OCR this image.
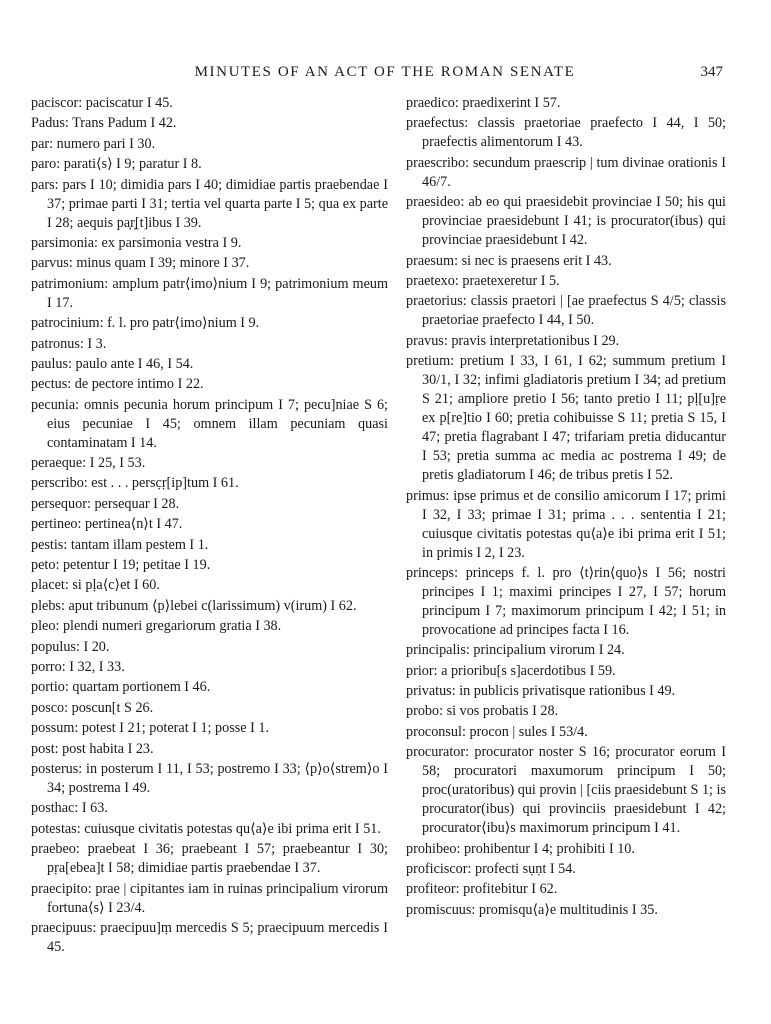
MINUTES OF AN ACT OF THE ROMAN SENATE	347
paciscor: paciscatur I 45.
Padus: Trans Padum I 42.
par: numero pari I 30.
paro: parati⟨s⟩ I 9; paratur I 8.
pars: pars I 10; dimidia pars I 40; dimidiae partis praebendae I 37; primae parti I 31; tertia vel quarta parte I 5; qua ex parte I 28; aequis pa̦r̦[t]ibus I 39.
parsimonia: ex parsimonia vestra I 9.
parvus: minus quam I 39; minore I 37.
patrimonium: amplum patr⟨imo⟩nium I 9; patrimonium meum I 17.
patrocinium: f. l. pro patr⟨imo⟩nium I 9.
patronus: I 3.
paulus: paulo ante I 46, I 54.
pectus: de pectore intimo I 22.
pecunia: omnis pecunia horum principum I 7; pecu]niae S 6; eius pecuniae I 45; omnem illam pecuniam quasi contaminatam I 14.
peraeque: I 25, I 53.
perscribo: est . . . persc̣ṛ[ip]tum I 61.
persequor: persequar I 28.
pertineo: pertinea⟨n⟩t I 47.
pestis: tantam illam pestem I 1.
peto: petentur I 19; petitae I 19.
placet: si pḷa⟨c⟩et I 60.
plebs: aput tribunum ⟨p⟩lebei c(larissimum) v(irum) I 62.
pleo: plendi numeri gregariorum gratia I 38.
populus: I 20.
porro: I 32, I 33.
portio: quartam portionem I 46.
posco: poscun[t S 26.
possum: potest I 21; poterat I 1; posse I 1.
post: post habita I 23.
posterus: in posterum I 11, I 53; postremo I 33; ⟨p⟩o⟨strem⟩o I 34; postrema I 49.
posthac: I 63.
potestas: cuiusque civitatis potestas qu⟨a⟩e ibi prima erit I 51.
praebeo: praebeat I 36; praebeant I 57; praebeantur I 30; pṛa[ebea]t I 58; dimidiae partis praebendae I 37.
praecipito: prae | cipitantes iam in ruinas principalium virorum fortuna⟨s⟩ I 23/4.
praecipuus: praecipuu]ṃ mercedis S 5; praecipuum mercedis I 45.
praedico: praedixerint I 57.
praefectus: classis praetoriae praefecto I 44, I 50; praefectis alimentorum I 43.
praescribo: secundum praescrip | tum divinae orationis I 46/7.
praesideo: ab eo qui praesidebit provinciae I 50; his qui provinciae praesidebunt I 41; is procurator(ibus) qui provinciae praesidebunt I 42.
praesum: si nec is praesens erit I 43.
praetexo: praetexeretur I 5.
praetorius: classis praetori | [ae praefectus S 4/5; classis praetoriae praefecto I 44, I 50.
pravus: pravis interpretationibus I 29.
pretium: pretium I 33, I 61, I 62; summum pretium I 30/1, I 32; infimi gladiatoris pretium I 34; ad pretium S 21; ampliore pretio I 56; tanto pretio I 11; pḷ[u]ṛe ex p[re]tio I 60; pretia cohibuisse S 11; pretia S 15, I 47; pretia flagrabant I 47; trifariam pretia diducantur I 53; pretia summa ac media ac postrema I 49; de pretis gladiatorum I 46; de tribus pretis I 52.
primus: ipse primus et de consilio amicorum I 17; primi I 32, I 33; primae I 31; prima . . . sententia I 21; cuiusque civitatis potestas qu⟨a⟩e ibi prima erit I 51; in primis I 2, I 23.
princeps: princeps f. l. pro ⟨t⟩rin⟨quo⟩s I 56; nostri principes I 1; maximi principes I 27, I 57; horum principum I 7; maximorum principum I 42; I 51; in provocatione ad principes facta I 16.
principalis: principalium virorum I 24.
prior: a prioribu[s s]acerdotibus I 59.
privatus: in publicis privatisque rationibus I 49.
probo: si vos probatis I 28.
proconsul: procon | sules I 53/4.
procurator: procurator noster S 16; procurator eorum I 58; procuratori maxumorum principum I 50; proc(uratoribus) qui provin | [ciis praesidebunt S 1; is procurator(ibus) qui provinciis praesidebunt I 42; procurator⟨ibu⟩s maximorum principum I 41.
prohibeo: prohibentur I 4; prohibiti I 10.
proficiscor: profecti sụṇt I 54.
profiteor: profitebitur I 62.
promiscuus: promisqu⟨a⟩e multitudinis I 35.
